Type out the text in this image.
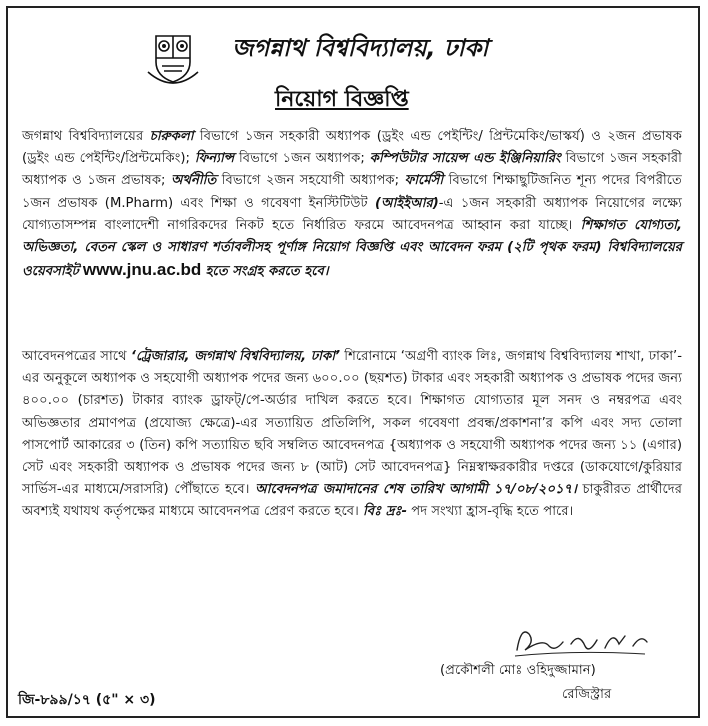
জগন্নাথ বিশ্ববিদ্যালয়, ঢাকা
নিয়োগ বিজ্ঞপ্তি
জগন্নাথ বিশ্ববিদ্যালয়ের চারুকলা বিভাগে ১জন সহকারী অধ্যাপক (ড্রইং এন্ড পেইন্টিং/ প্রিন্টমেকিং/ভাস্কর্য) ও ২জন প্রভাষক (ড্রইং এন্ড পেইন্টিং/প্রিন্টমেকিং); ফিন্যান্স বিভাগে ১জন অধ্যাপক; কম্পিউটার সায়েন্স এন্ড ইঞ্জিনিয়ারিং বিভাগে ১জন সহকারী অধ্যাপক ও ১জন প্রভাষক; অর্থনীতি বিভাগে ২জন সহযোগী অধ্যাপক; ফার্মেসী বিভাগে শিক্ষাছুটিজনিত শূন্য পদের বিপরীতে ১জন প্রভাষক (M.Pharm) এবং শিক্ষা ও গবেষণা ইনস্টিটিউট (আইইআর)-এ ১জন সহকারী অধ্যাপক নিয়োগের লক্ষ্যে যোগ্যতাসম্পন্ন বাংলাদেশী নাগরিকদের নিকট হতে নির্ধারিত ফরমে আবেদনপত্র আহ্বান করা যাচ্ছে। শিক্ষাগত যোগ্যতা, অভিজ্ঞতা, বেতন স্কেল ও সাধারণ শর্তাবলীসহ পূর্ণাঙ্গ নিয়োগ বিজ্ঞপ্তি এবং আবেদন ফরম (২টি পৃথক ফরম) বিশ্ববিদ্যালয়ের ওয়েবসাইট www.jnu.ac.bd হতে সংগ্রহ করতে হবে।
আবেদনপত্রের সাথে ‘ট্রেজারার, জগন্নাথ বিশ্ববিদ্যালয়, ঢাকা’ শিরোনামে ‘অগ্রণী ব্যাংক লিঃ, জগন্নাথ বিশ্ববিদ্যালয় শাখা, ঢাকা’-এর অনুকূলে অধ্যাপক ও সহযোগী অধ্যাপক পদের জন্য ৬০০.০০ (ছয়শত) টাকার এবং সহকারী অধ্যাপক ও প্রভাষক পদের জন্য ৪০০.০০ (চারশত) টাকার ব্যাংক ড্রাফট্/পে-অর্ডার দাখিল করতে হবে। শিক্ষাগত যোগ্যতার মূল সনদ ও নম্বরপত্র এবং অভিজ্ঞতার প্রমাণপত্র (প্রযোজ্য ক্ষেত্রে)-এর সত্যায়িত প্রতিলিপি, সকল গবেষণা প্রবন্ধ/প্রকাশনা’র কপি এবং সদ্য তোলা পাসপোর্ট আকারের ৩ (তিন) কপি সত্যায়িত ছবি সম্বলিত আবেদনপত্র {অধ্যাপক ও সহযোগী অধ্যাপক পদের জন্য ১১ (এগার) সেট এবং সহকারী অধ্যাপক ও প্রভাষক পদের জন্য ৮ (আট) সেট আবেদনপত্র} নিম্নস্বাক্ষরকারীর দপ্তরে (ডাকযোগে/কুরিয়ার সার্ভিস-এর মাধ্যমে/সরাসরি) পৌঁছাতে হবে। আবেদনপত্র জমাদানের শেষ তারিখ আগামী ১৭/০৮/২০১৭। চাকুরীরত প্রার্থীদের অবশ্যই যথাযথ কর্তৃপক্ষের মাধ্যমে আবেদনপত্র প্রেরণ করতে হবে। বিঃ দ্রঃ- পদ সংখ্যা হ্রাস-বৃদ্ধি হতে পারে।
(প্রকৌশলী মোঃ ওহিদুজ্জামান)
রেজিস্ট্রার
জি-৮৯৯/১৭ (৫" × ৩)
